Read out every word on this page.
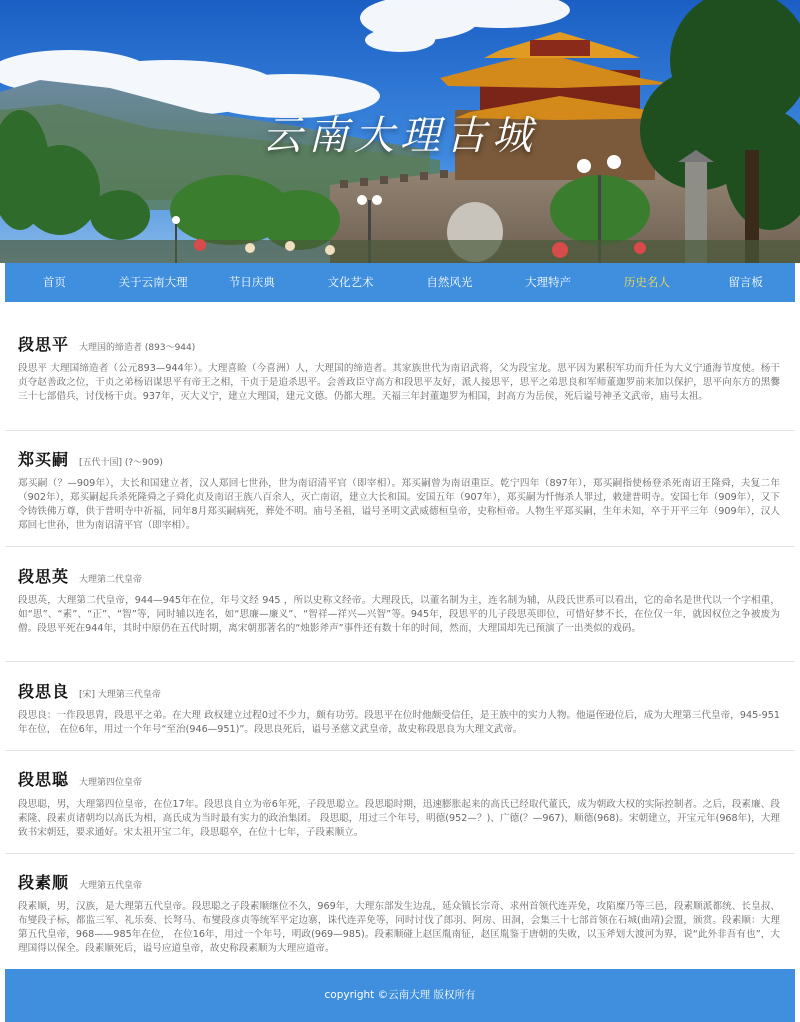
云南大理古城
首页	关于云南大理	节日庆典	文化艺术	自然风光	大理特产	历史名人	留言板
段思平 大理国的缔造者 (893～944)
段思平 大理国缔造者（公元893—944年）。大理喜睑（今喜洲）人，大理国的缔造者。其家族世代为南诏武将，父为段宝龙。思平因为累积军功而升任为大义宁通海节度使。杨干贞夺赵善政之位，干贞之弟杨诏谋思平有帝王之相，干贞于是追杀思平。会善政臣守高方和段思平友好，派人接思平，思平之弟思良和军师董迦罗前来加以保护，思平向东方的黑爨三十七部借兵，讨伐杨干贞。937年，灭大义宁，建立大理国，建元文德。仍都大理。天福三年封董迦罗为相国，封高方为岳侯，死后谥号神圣文武帝，庙号太祖。
郑买嗣 [五代十国] (?～909)
郑买嗣（？—909年），大长和国建立者，汉人郑回七世孙，世为南诏清平官（即宰相）。郑买嗣曾为南诏重臣。乾宁四年（897年），郑买嗣指使杨登杀死南诏王隆舜，夫复二年（902年），郑买嗣起兵杀死隆舜之子舜化贞及南诏王族八百余人，灭亡南诏，建立大长和国。安国五年（907年），郑买嗣为忏悔杀人罪过，敕建普明寺。安国七年（909年），又下令铸铁佛万尊，供于普明寺中祈福，同年8月郑买嗣病死，葬处不明。庙号圣祖，谥号圣明文武威德桓皇帝，史称桓帝。人物生平郑买嗣，生年未知，卒于开平三年（909年），汉人郑回七世孙，世为南诏清平官（即宰相）。
段思英 大理第二代皇帝
段思英，大理第二代皇帝，944—945年在位，年号文经 945 ，所以史称文经帝。大理段氏，以董名制为主，连名制为辅，从段氏世系可以看出，它的命名是世代以一个字相重，如“思”、“素”、“正”、“智”等，同时辅以连名，如“思廉—廉义”、“智祥—祥兴—兴智”等。945年，段思平的儿子段思英即位，可惜好梦不长，在位仅一年，就因权位之争被废为僧。段思平死在944年，其时中原仍在五代时期，离宋朝那著名的“烛影斧声”事件还有数十年的时间，然而，大理国却先已预演了一出类似的戏码。
段思良 [宋] 大理第三代皇帝
段思良：一作段思胄，段思平之弟。在大理 政权建立过程0过不少力，颇有功劳。段思平在位时他颇受信任，是王族中的实力人物。他逼侄逊位后，成为大理第三代皇帝，945-951年在位， 在位6年，用过一个年号“至治(946—951)”。段思良死后，谥号圣慈文武皇帝，故史称段思良为大理文武帝。
段思聪 大理第四位皇帝
段思聪，男，大理第四位皇帝，在位17年。段思良自立为帝6年死，子段思聪立。段思聪时期，迅速膨胀起来的高氏已经取代董氏，成为朝政大权的实际控制者。之后，段素廉、段素隆、段素贞诸朝均以高氏为相，高氏成为当时最有实力的政治集团。 段思聪，用过三个年号，明德(952—？)、广德(？—967)、顺德(968)。宋朝建立，开宝元年(968年)，大理致书宋朝廷，要求通好。宋太祖开宝二年，段思聪卒，在位十七年，子段素顺立。
段素顺 大理第五代皇帝
段素顺，男，汉族，是大理第五代皇帝。段思聪之子段素顺继位不久，969年，大理东部发生边乱，延众镇长宗奇、求州首领代连弄免，攻陷糜乃等三邑，段素顺派都统、长皇叔、布燮段子标，都监三军、礼乐奏、长弩马、布燮段彦贞等统军平定边寨，诛代连弄免等，同时讨伐了郎羽、阿房、田洞，会集三十七部首领在石城(曲靖)会盟，颁赏。段素顺：大理第五代皇帝，968——985年在位， 在位16年，用过一个年号，明政(969—985)。段素顺碰上赵匡胤南征，赵匡胤鉴于唐朝的失败，以玉斧划大渡河为界，说“此外非吾有也”，大理国得以保全。段素顺死后，谥号应道皇帝，故史称段素顺为大理应道帝。
copyright ©云南大理 版权所有
